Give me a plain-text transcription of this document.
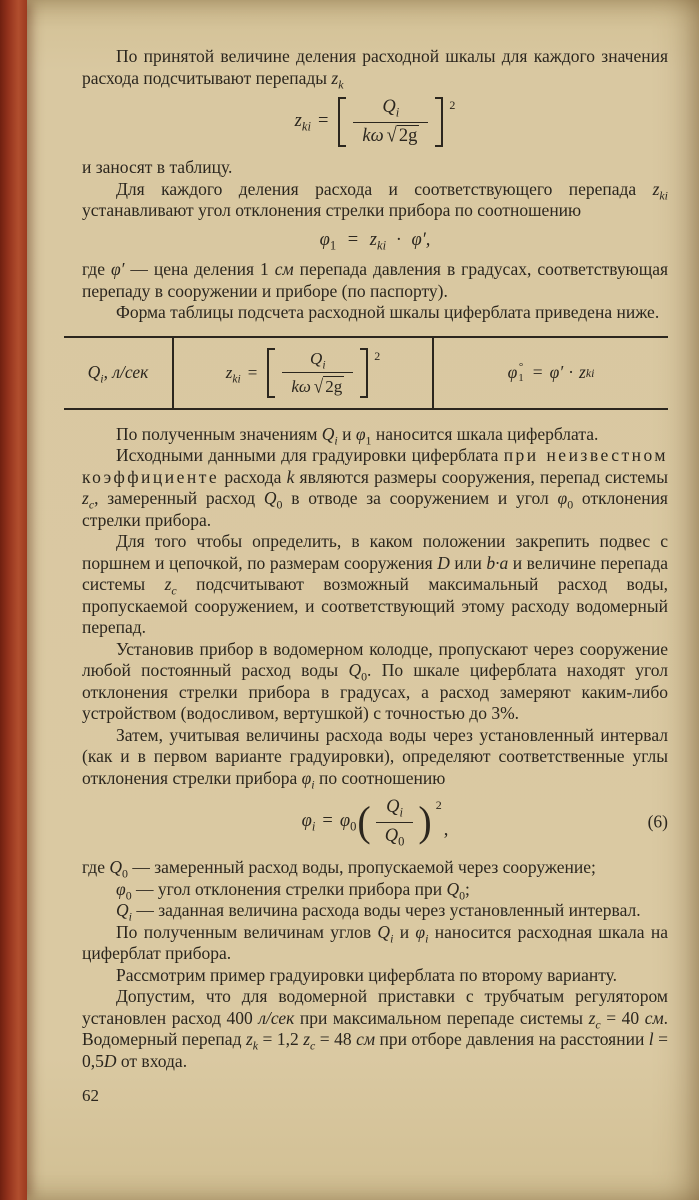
По принятой величине деления расходной шкалы для каждого значения расхода подсчитывают перепады $z_k$

$z_{ki} = \frac{Q_i}{k\omega √ 2g} 2$

и заносят в таблицу.

Для каждого деления расхода и соответствующего перепада $z_{ki}$ устанавливают угол отклонения стрелки прибора по соотношению

$\varphi_1 = z_{ki} \cdot \varphi'$,

где φ′ — цена деления 1 см перепада давления в градусах, соответствующая перепаду в сооружении и приборе (по паспорту).

Форма таблицы подсчета расходной шкалы циферблата приведена ниже.

$Q_i$, л/сек	$z_{ki} = \frac{Q_i}{k\omega √ 2g} 2$
φ °
1 = φ′ · z ki

По полученным значениям $Q_i$ и $\varphi_1$ наносится шкала циферблата.

Исходными данными для градуировки циферблата при неизвестном коэффициенте расхода k являются размеры сооружения, перепад системы $z_c$, замеренный расход $Q_0$ в отводе за сооружением и угол $\varphi_0$ отклонения стрелки прибора.

Для того чтобы определить, в каком положении закрепить подвес с поршнем и цепочкой, по размерам сооружения D или b·a и величине перепада системы $z_c$ подсчитывают возможный максимальный расход воды, пропускаемой сооружением, и соответствующий этому расходу водомерный перепад.

Установив прибор в водомерном колодце, пропускают через сооружение любой постоянный расход воды $Q_0$. По шкале циферблата находят угол отклонения стрелки прибора в градусах, а расход замеряют каким-либо устройством (водосливом, вертушкой) с точностью до 3%.

Затем, учитывая величины расхода воды через установленный интервал (как и в первом варианте градуировки), определяют соответственные углы отклонения стрелки прибора $\varphi_i$ по соотношению

$\varphi_i = \varphi_0$ ( $\frac{Q_i}{Q_0}$ ) 2
,	(6)

где $Q_0$ — замеренный расход воды, пропускаемой через сооружение;

$\varphi_0$ — угол отклонения стрелки прибора при $Q_0$;

$Q_i$ — заданная величина расхода воды через установленный интервал.

По полученным величинам углов $Q_i$ и $\varphi_i$ наносится расходная шкала на циферблат прибора.

Рассмотрим пример градуировки циферблата по второму варианту.

Допустим, что для водомерной приставки с трубчатым регулятором установлен расход 400 л/сек при максимальном перепаде системы $z_c = 40$ см. Водомерный перепад $z_k = 1,2$ $z_c = 48$ см при отборе давления на расстоянии l = 0,5D от входа.

62
